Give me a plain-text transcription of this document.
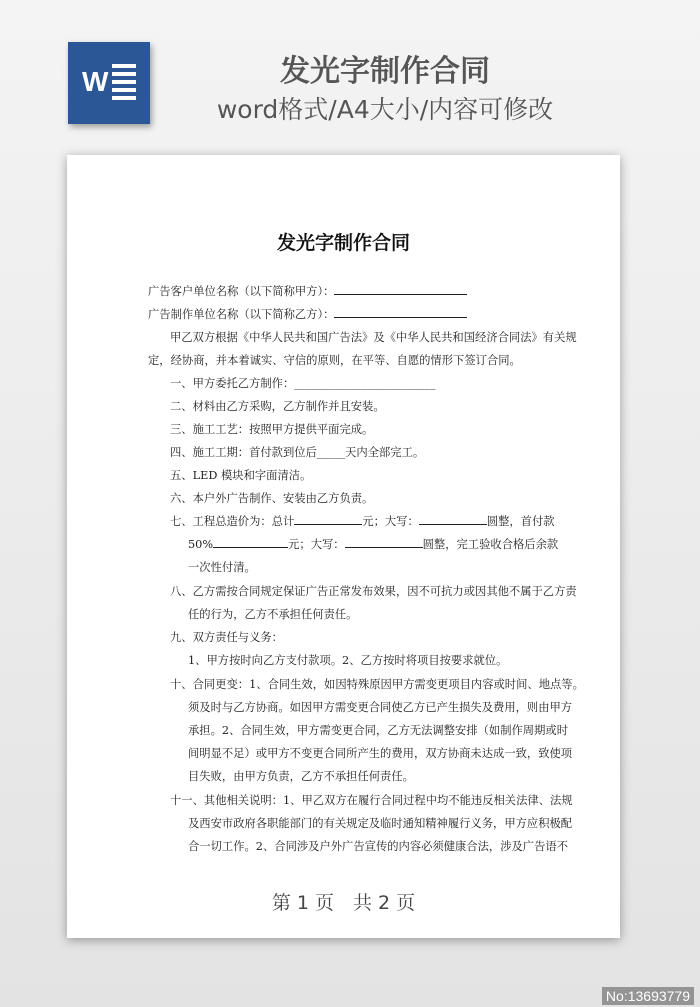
W	发光字制作合同
word格式/A4大小/内容可修改
发光字制作合同
广告客户单位名称（以下简称甲方）：
广告制作单位名称（以下简称乙方）：
甲乙双方根据《中华人民共和国广告法》及《中华人民共和国经济合同法》有关规
定，经协商，并本着诚实、守信的原则，在平等、自愿的情形下签订合同。
一、甲方委托乙方制作：_________________________
二、材料由乙方采购，乙方制作并且安装。
三、施工工艺：按照甲方提供平面完成。
四、施工工期：首付款到位后_____天内全部完工。
五、LED 模块和字面清洁。
六、本户外广告制作、安装由乙方负责。
七、工程总造价为：总计	元；大写：	圆整，首付款
50%	元；大写：	圆整，完工验收合格后余款
一次性付清。
八、乙方需按合同规定保证广告正常发布效果，因不可抗力或因其他不属于乙方责
任的行为，乙方不承担任何责任。
九、双方责任与义务：
1、甲方按时向乙方支付款项。2、乙方按时将项目按要求就位。
十、合同更变：1、合同生效，如因特殊原因甲方需变更项目内容或时间、地点等。
须及时与乙方协商。如因甲方需变更合同使乙方已产生损失及费用，则由甲方
承担。2、合同生效，甲方需变更合同，乙方无法调整安排（如制作周期或时
间明显不足）或甲方不变更合同所产生的费用，双方协商未达成一致，致使项
目失败，由甲方负责，乙方不承担任何责任。
十一、其他相关说明：1、甲乙双方在履行合同过程中均不能违反相关法律、法规
及西安市政府各职能部门的有关规定及临时通知精神履行义务，甲方应积极配
合一切工作。2、合同涉及户外广告宣传的内容必须健康合法，涉及广告语不
第 1 页　共 2 页
No:13693779
